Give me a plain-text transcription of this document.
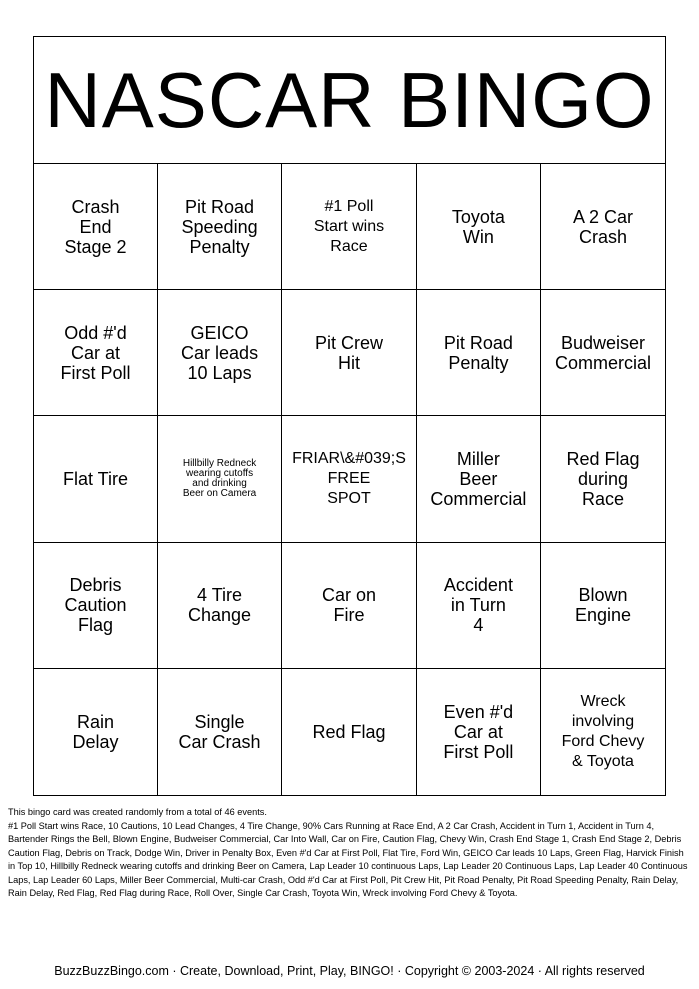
NASCAR BINGO
Crash
End
Stage 2
Pit Road
Speeding
Penalty
#1 Poll
Start wins
Race
Toyota
Win
A 2 Car
Crash
Odd #'d
Car at
First Poll
GEICO
Car leads
10 Laps
Pit Crew
Hit
Pit Road
Penalty
Budweiser
Commercial
Flat Tire
Hillbilly Redneck
wearing cutoffs
and drinking
Beer on Camera
FRIAR\&#039;S
FREE
SPOT
Miller
Beer
Commercial
Red Flag
during
Race
Debris
Caution
Flag
4 Tire
Change
Car on
Fire
Accident
in Turn
4
Blown
Engine
Rain
Delay
Single
Car Crash	Red Flag
Even #'d
Car at
First Poll
Wreck
involving
Ford Chevy
& Toyota
This bingo card was created randomly from a total of 46 events.
#1 Poll Start wins Race, 10 Cautions, 10 Lead Changes, 4 Tire Change, 90% Cars Running at Race End, A 2 Car Crash, Accident in Turn 1, Accident in Turn 4, Bartender Rings the Bell, Blown Engine, Budweiser Commercial, Car Into Wall, Car on Fire, Caution Flag, Chevy Win, Crash End Stage 1, Crash End Stage 2, Debris Caution Flag, Debris on Track, Dodge Win, Driver in Penalty Box, Even #'d Car at First Poll, Flat Tire, Ford Win, GEICO Car leads 10 Laps, Green Flag, Harvick Finish in Top 10, Hillbilly Redneck wearing cutoffs and drinking Beer on Camera, Lap Leader 10 continuous Laps, Lap Leader 20 Continuous Laps, Lap Leader 40 Continuous Laps, Lap Leader 60 Laps, Miller Beer Commercial, Multi-car Crash, Odd #'d Car at First Poll, Pit Crew Hit, Pit Road Penalty, Pit Road Speeding Penalty, Rain Delay, Rain Delay, Red Flag, Red Flag during Race, Roll Over, Single Car Crash, Toyota Win, Wreck involving Ford Chevy & Toyota.
BuzzBuzzBingo.com · Create, Download, Print, Play, BINGO! · Copyright © 2003-2024 · All rights reserved
